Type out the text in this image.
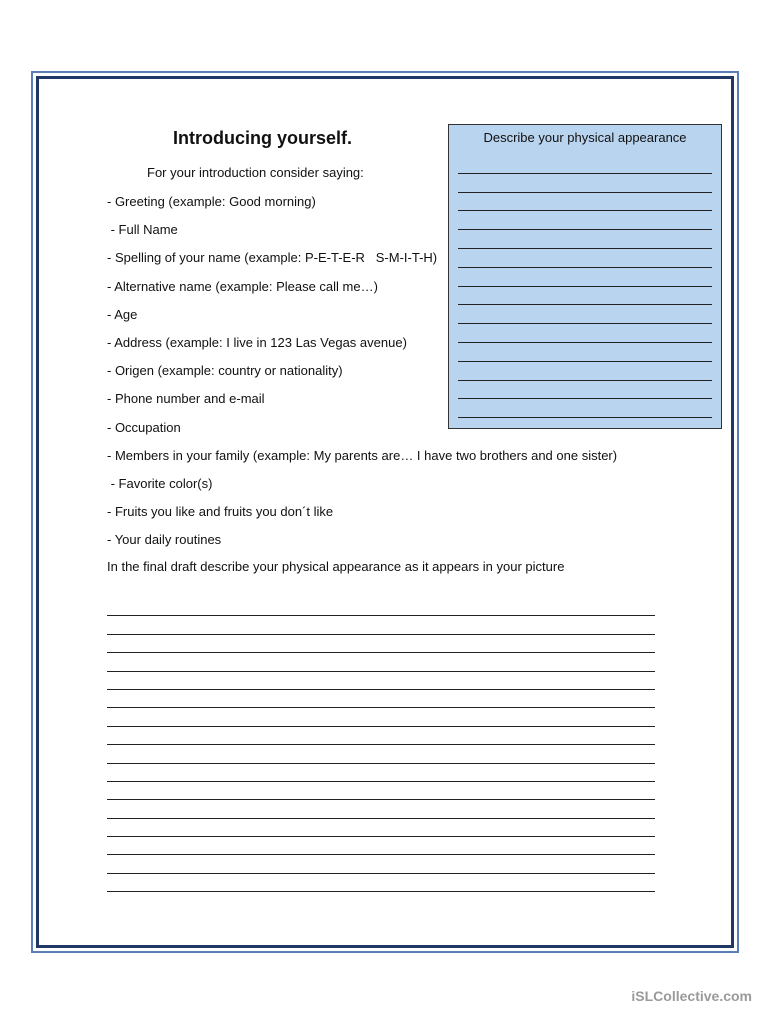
Introducing yourself.
For your introduction consider saying:
- Greeting (example: Good morning)
- Full Name
- Spelling of your name (example: P-E-T-E-R   S-M-I-T-H)
- Alternative name (example: Please call me…)
- Age
- Address (example: I live in 123 Las Vegas avenue)
- Origen (example: country or nationality)
- Phone number and e-mail
- Occupation
- Members in your family (example: My parents are… I have two brothers and one sister)
- Favorite color(s)
- Fruits you like and fruits you don´t like
- Your daily routines
In the final draft describe your physical appearance as it appears in your picture
Describe your physical appearance
iSLCollective.com
